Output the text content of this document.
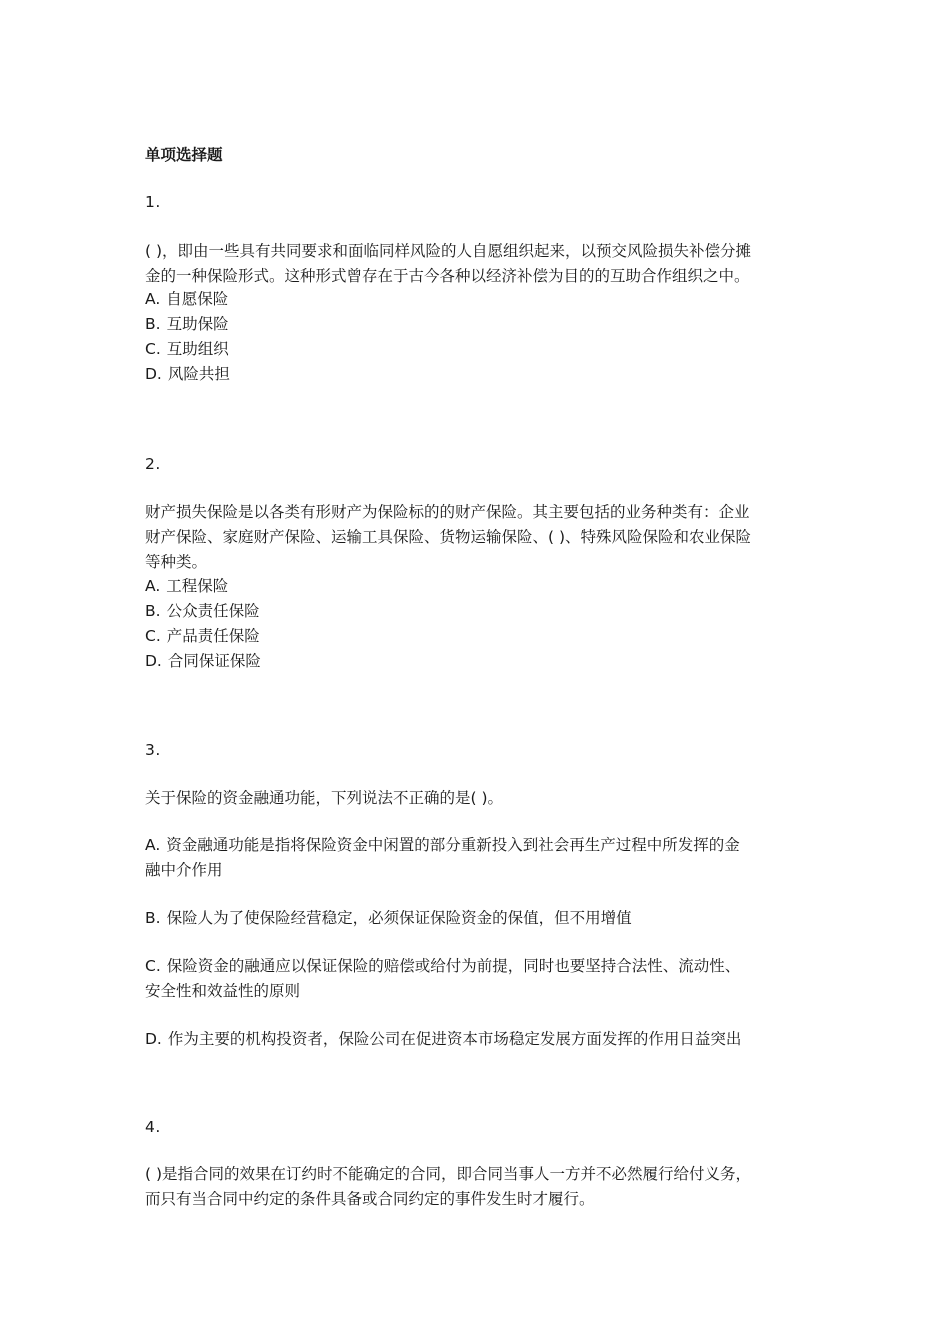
单项选择题
1.
( )，即由一些具有共同要求和面临同样风险的人自愿组织起来，以预交风险损失补偿分摊
金的一种保险形式。这种形式曾存在于古今各种以经济补偿为目的的互助合作组织之中。
A. 自愿保险
B. 互助保险
C. 互助组织
D. 风险共担
2.
财产损失保险是以各类有形财产为保险标的的财产保险。其主要包括的业务种类有：企业
财产保险、家庭财产保险、运输工具保险、货物运输保险、( )、特殊风险保险和农业保险
等种类。
A. 工程保险
B. 公众责任保险
C. 产品责任保险
D. 合同保证保险
3.
关于保险的资金融通功能，下列说法不正确的是( )。
A. 资金融通功能是指将保险资金中闲置的部分重新投入到社会再生产过程中所发挥的金
融中介作用
B. 保险人为了使保险经营稳定，必须保证保险资金的保值，但不用增值
C. 保险资金的融通应以保证保险的赔偿或给付为前提，同时也要坚持合法性、流动性、
安全性和效益性的原则
D. 作为主要的机构投资者，保险公司在促进资本市场稳定发展方面发挥的作用日益突出
4.
( )是指合同的效果在订约时不能确定的合同，即合同当事人一方并不必然履行给付义务，
而只有当合同中约定的条件具备或合同约定的事件发生时才履行。
